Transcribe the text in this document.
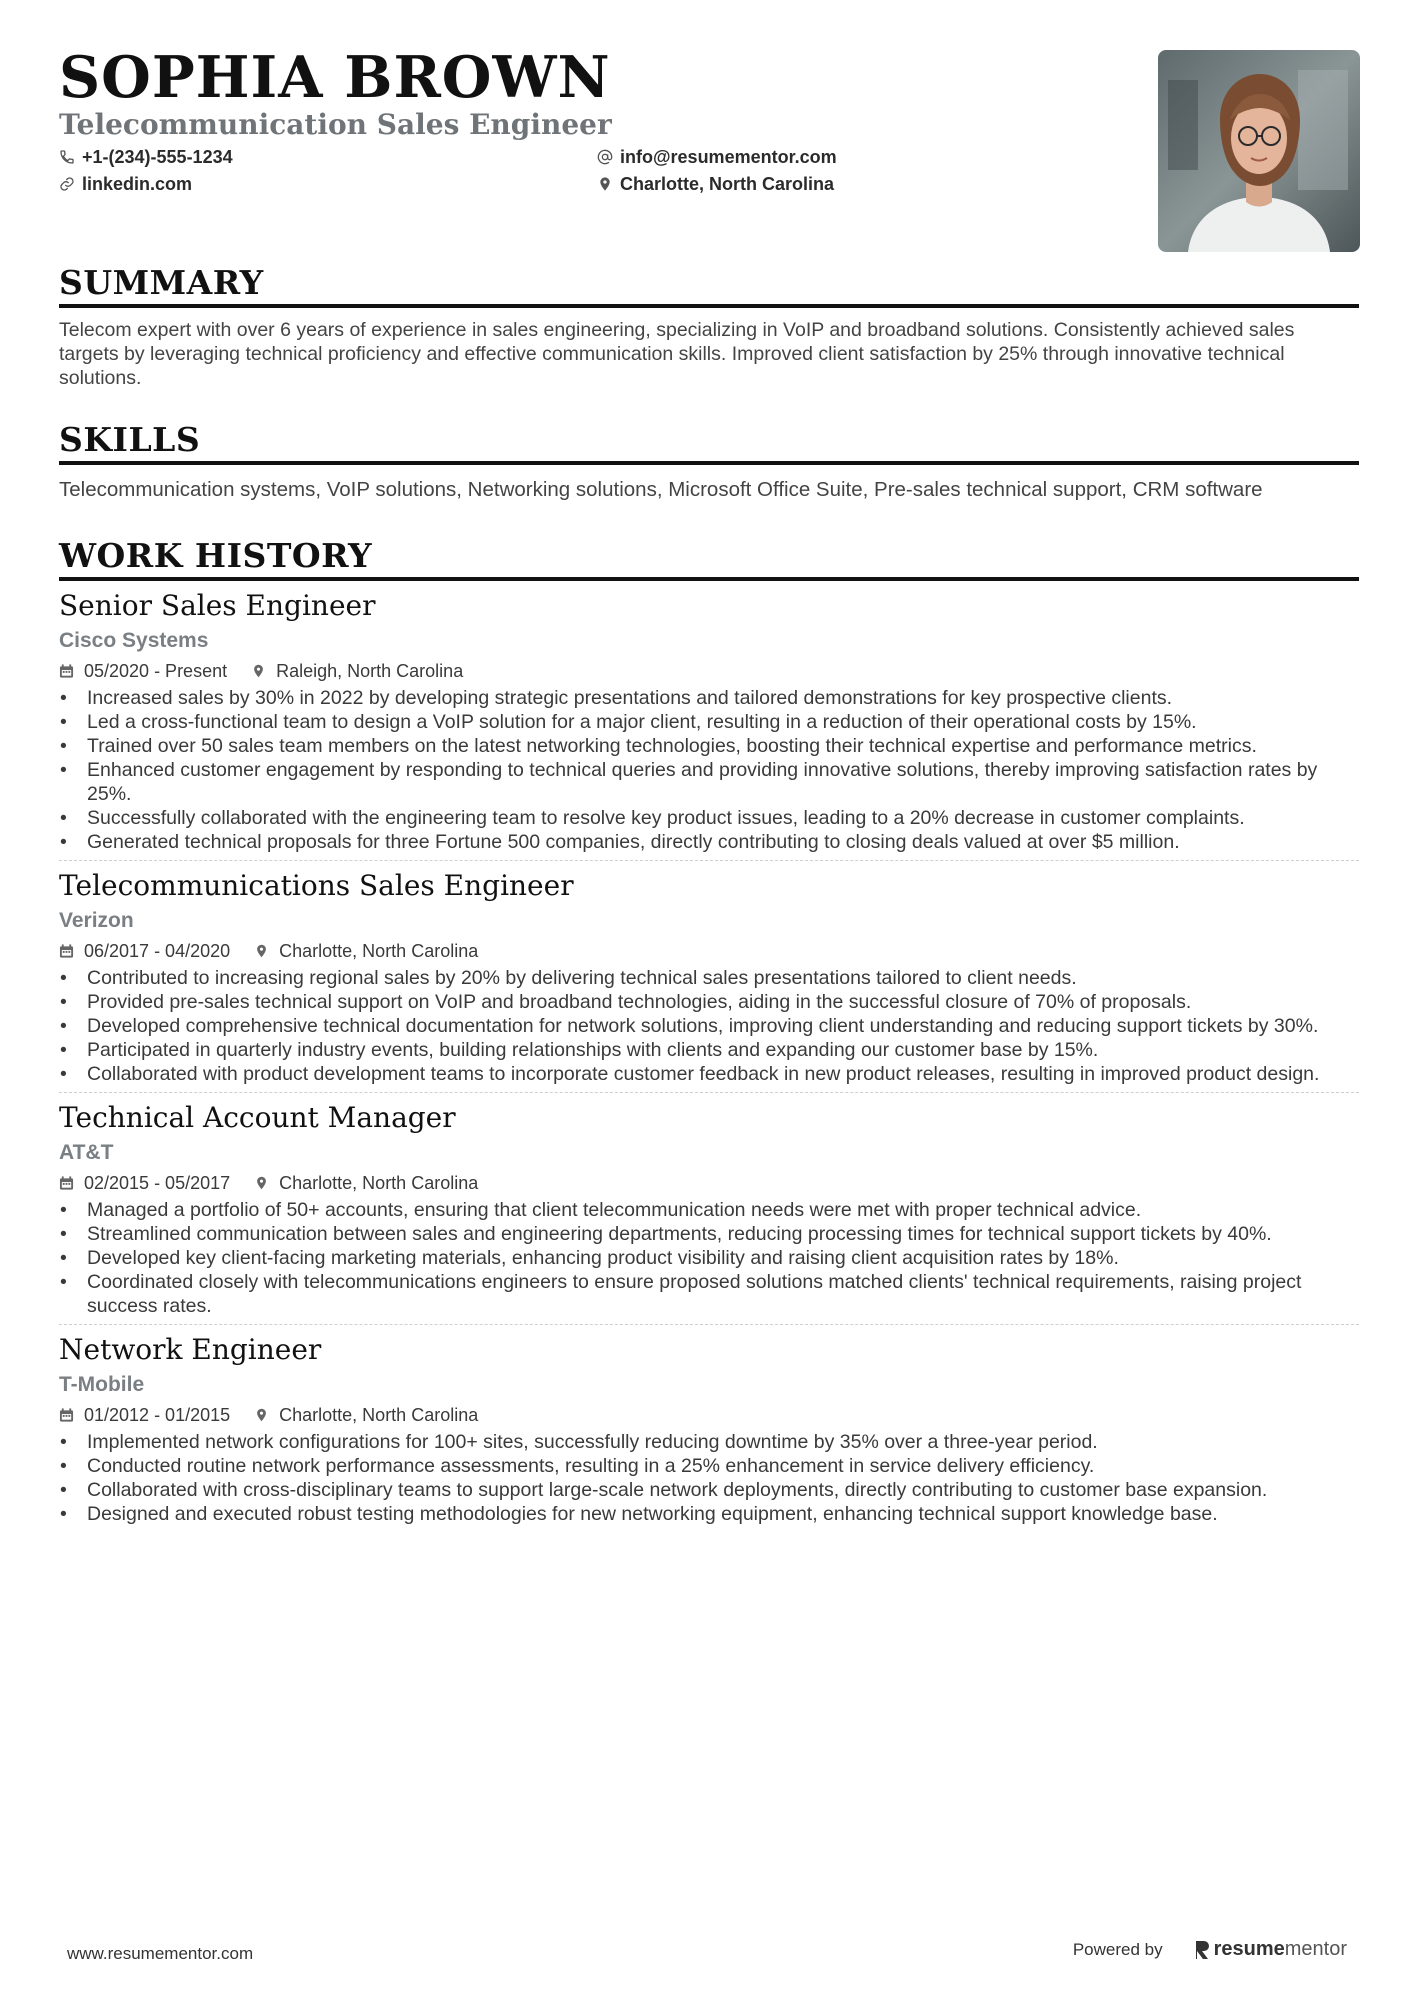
SOPHIA BROWN
Telecommunication Sales Engineer
+1-(234)-555-1234	info@resumementor.com
linkedin.com	Charlotte, North Carolina
SUMMARY
Telecom expert with over 6 years of experience in sales engineering, specializing in VoIP and broadband solutions. Consistently achieved sales targets by leveraging technical proficiency and effective communication skills. Improved client satisfaction by 25% through innovative technical solutions.
SKILLS
Telecommunication systems, VoIP solutions, Networking solutions, Microsoft Office Suite, Pre-sales technical support, CRM software
WORK HISTORY
Senior Sales Engineer
Cisco Systems
05/2020 - Present	Raleigh, North Carolina
• Increased sales by 30% in 2022 by developing strategic presentations and tailored demonstrations for key prospective clients.
• Led a cross-functional team to design a VoIP solution for a major client, resulting in a reduction of their operational costs by 15%.
• Trained over 50 sales team members on the latest networking technologies, boosting their technical expertise and performance metrics.
• Enhanced customer engagement by responding to technical queries and providing innovative solutions, thereby improving satisfaction rates by 25%.
• Successfully collaborated with the engineering team to resolve key product issues, leading to a 20% decrease in customer complaints.
• Generated technical proposals for three Fortune 500 companies, directly contributing to closing deals valued at over $5 million.
Telecommunications Sales Engineer
Verizon
06/2017 - 04/2020	Charlotte, North Carolina
• Contributed to increasing regional sales by 20% by delivering technical sales presentations tailored to client needs.
• Provided pre-sales technical support on VoIP and broadband technologies, aiding in the successful closure of 70% of proposals.
• Developed comprehensive technical documentation for network solutions, improving client understanding and reducing support tickets by 30%.
• Participated in quarterly industry events, building relationships with clients and expanding our customer base by 15%.
• Collaborated with product development teams to incorporate customer feedback in new product releases, resulting in improved product design.
Technical Account Manager
AT&T
02/2015 - 05/2017	Charlotte, North Carolina
• Managed a portfolio of 50+ accounts, ensuring that client telecommunication needs were met with proper technical advice.
• Streamlined communication between sales and engineering departments, reducing processing times for technical support tickets by 40%.
• Developed key client-facing marketing materials, enhancing product visibility and raising client acquisition rates by 18%.
• Coordinated closely with telecommunications engineers to ensure proposed solutions matched clients' technical requirements, raising project success rates.
Network Engineer
T-Mobile
01/2012 - 01/2015	Charlotte, North Carolina
• Implemented network configurations for 100+ sites, successfully reducing downtime by 35% over a three-year period.
• Conducted routine network performance assessments, resulting in a 25% enhancement in service delivery efficiency.
• Collaborated with cross-disciplinary teams to support large-scale network deployments, directly contributing to customer base expansion.
• Designed and executed robust testing methodologies for new networking equipment, enhancing technical support knowledge base.
www.resumementor.com	Powered by	resume mentor
